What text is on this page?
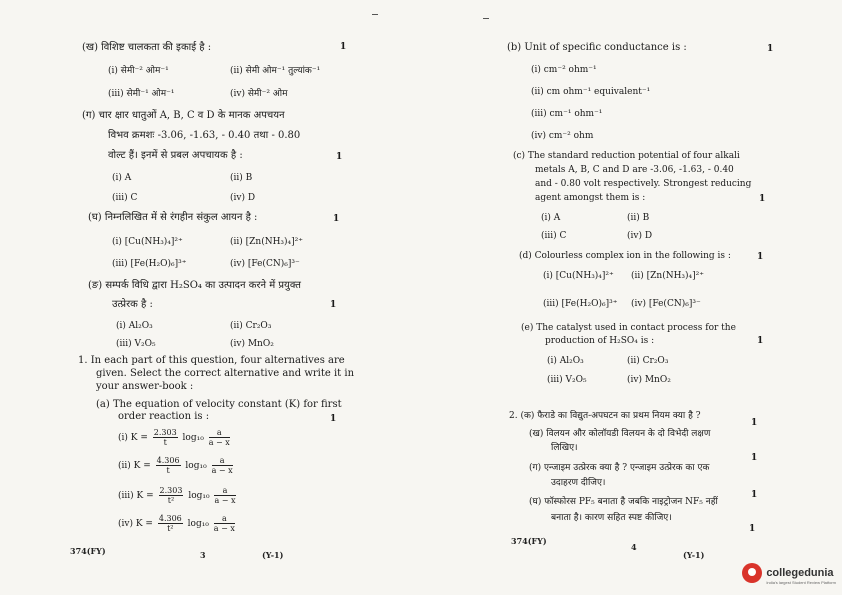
(ख) विशिष्ट चालकता की इकाई है :	1
(i) सेमी⁻² ओम⁻¹	(ii) सेमी ओम⁻¹ तुल्यांक⁻¹
(iii) सेमी⁻¹ ओम⁻¹	(iv) सेमी⁻² ओम
(ग) चार क्षार धातुओं A, B, C व D के मानक अपचयन
विभव क्रमशः -3.06, -1.63, - 0.40 तथा - 0.80
वोल्ट हैं। इनमें से प्रबल अपचायक है :	1
(i) A	(ii) B
(iii) C	(iv) D
(घ) निम्नलिखित में से रंगहीन संकुल आयन है :	1
(i) [Cu(NH₃)₄]²⁺	(ii) [Zn(NH₃)₄]²⁺
(iii) [Fe(H₂O)₆]³⁺	(iv) [Fe(CN)₆]³⁻
(ङ) सम्पर्क विधि द्वारा H₂SO₄ का उत्पादन करने में प्रयुक्त
उत्प्रेरक है :	1
(i) Al₂O₃	(ii) Cr₂O₃
(iii) V₂O₅	(iv) MnO₂
1. In each part of this question, four alternatives are
given. Select the correct alternative and write it in
your answer-book :
(a) The equation of velocity constant (K) for first
order reaction is :	1
(i) $K = \frac{2.303}{t} \log_{10} \frac{a}{a - x}$
(ii) $K = \frac{4.306}{t} \log_{10} \frac{a}{a - x}$
(iii) $K = \frac{2.303}{\text{t²}} \log_{10} \frac{a}{a - x}$
(iv) $K = \frac{4.306}{\text{t²}} \log_{10} \frac{a}{a - x}$
374(FY)	3	(Y-1)
(b) Unit of specific conductance is :	1
(i) cm⁻² ohm⁻¹
(ii) cm ohm⁻¹ equivalent⁻¹
(iii) cm⁻¹ ohm⁻¹
(iv) cm⁻² ohm
(c) The standard reduction potential of four alkali
metals A, B, C and D are -3.06, -1.63, - 0.40
and - 0.80 volt respectively. Strongest reducing
agent amongst them is :	1
(i) A	(ii) B
(iii) C	(iv) D
(d) Colourless complex ion in the following is :	1
(i) [Cu(NH₃)₄]²⁺ (ii) [Zn(NH₃)₄]²⁺
(iii) [Fe(H₂O)₆]³⁺ (iv) [Fe(CN)₆]³⁻
(e) The catalyst used in contact process for the
production of H₂SO₄ is :	1
(i) Al₂O₃	(ii) Cr₂O₃
(iii) V₂O₅	(iv) MnO₂
2. (क) फैराडे का विद्युत-अपघटन का प्रथम नियम क्या है ?
1
(ख) विलयन और कोलॉयडी विलयन के दो विभेदी लक्षण
लिखिए।
1
(ग) एन्जाइम उत्प्रेरक क्या है ? एन्जाइम उत्प्रेरक का एक
उदाहरण दीजिए।
1
(घ) फॉस्फोरस PF₅ बनाता है जबकि नाइट्रोजन NF₅ नहीं
बनाता है। कारण सहित स्पष्ट कीजिए।
1
374(FY)
4
(Y-1)
collegedunia
India's largest Student Review Platform
